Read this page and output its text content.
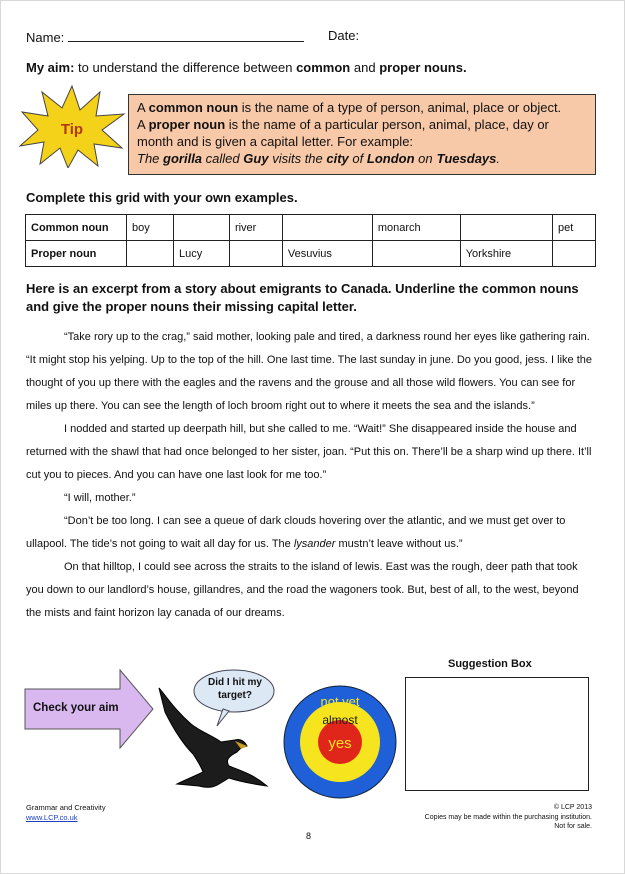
Name:	Date:
My aim: to understand the difference between common and proper nouns.
Tip
A common noun is the name of a type of person, animal, place or object.
A proper noun is the name of a particular person, animal, place, day or month and is given a capital letter. For example:
The gorilla called Guy visits the city of London on Tuesdays.
Complete this grid with your own examples.
Common noun	boy		river		monarch		pet
Proper noun		Lucy		Vesuvius		Yorkshire	
Here is an excerpt from a story about emigrants to Canada. Underline the common nouns and give the proper nouns their missing capital letter.

“Take rory up to the crag,” said mother, looking pale and tired, a darkness round her eyes like gathering rain. “It might stop his yelping. Up to the top of the hill. One last time. The last sunday in june. Do you good, jess. I like the thought of you up there with the eagles and the ravens and the grouse and all those wild flowers. You can see for miles up there. You can see the length of loch broom right out to where it meets the sea and the islands.”

I nodded and started up deerpath hill, but she called to me. “Wait!” She disappeared inside the house and returned with the shawl that had once belonged to her sister, joan. “Put this on. There’ll be a sharp wind up there. It’ll cut you to pieces. And you can have one last look for me too.”

“I will, mother.”

“Don’t be too long. I can see a queue of dark clouds hovering over the atlantic, and we must get over to ullapool. The tide’s not going to wait all day for us. The lysander mustn’t leave without us.”

On that hilltop, I could see across the straits to the island of lewis. East was the rough, deer path that took you down to our landlord’s house, gillandres, and the road the wagoners took. But, best of all, to the west, beyond the mists and faint horizon lay canada of our dreams.

Check your aim
Did I hit my target?	not yet
almost
yes
Suggestion Box
Grammar and Creativity
www.LCP.co.uk
© LCP 2013
Copies may be made within the purchasing institution.
Not for sale.
8
